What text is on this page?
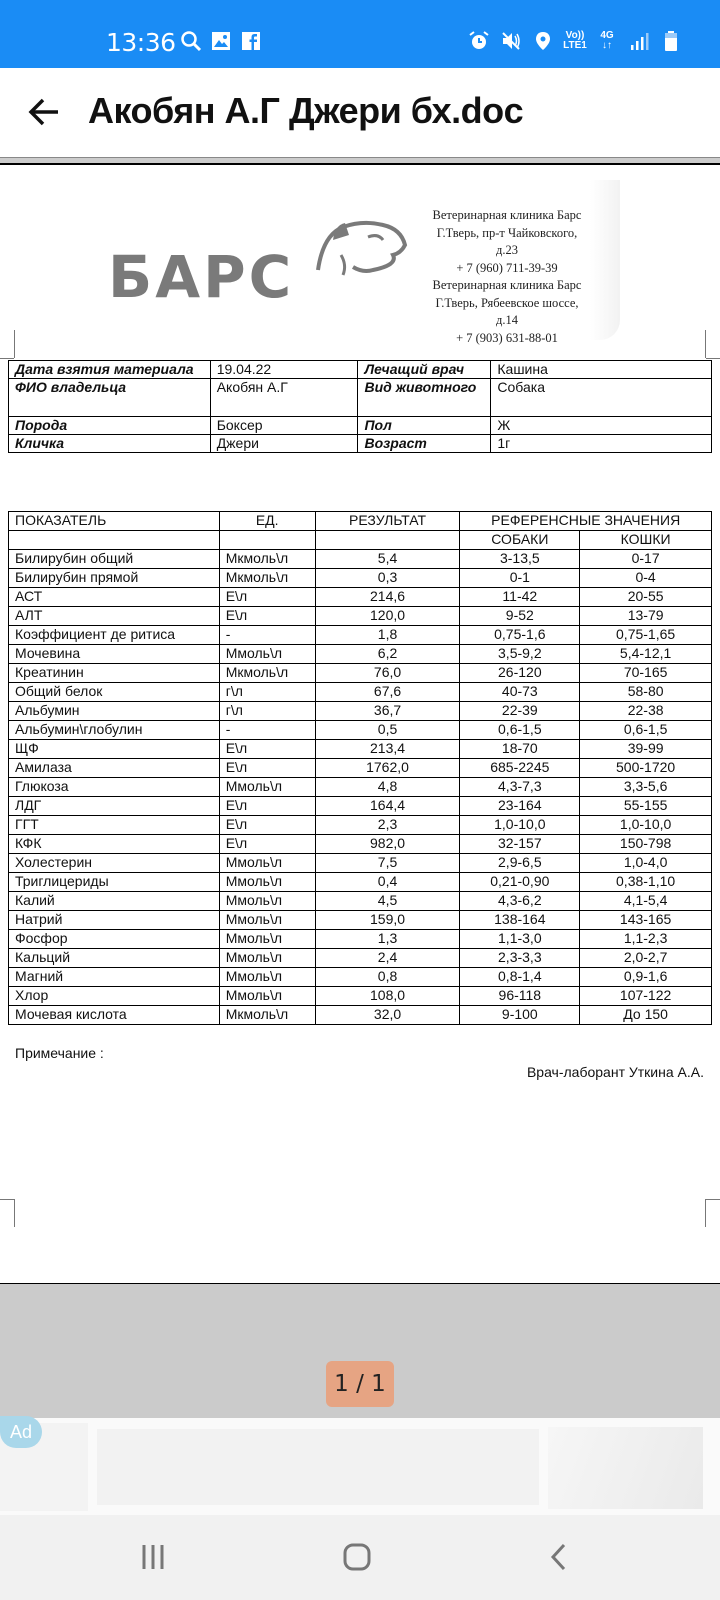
13:36	Vo))
LTE1
4G
↓↑
Акобян А.Г Джери бх.doc
БАРС
Ветеринарная клиника Барс
Г.Тверь, пр-т Чайковского,
д.23
+ 7 (960) 711-39-39
Ветеринарная клиника Барс
Г.Тверь, Рябеевское шоссе,
д.14
+ 7 (903) 631-88-01
Дата взятия материала	19.04.22	Лечащий врач	Кашина
ФИО владельца	Акобян А.Г	Вид животного	Собака
Порода	Боксер	Пол	Ж
Кличка	Джери	Возраст	1г
ПОКАЗАТЕЛЬ	ЕД.	РЕЗУЛЬТАТ	РЕФЕРЕНСНЫЕ ЗНАЧЕНИЯ	
			СОБАКИ	КОШКИ
Билирубин общий	Мкмоль\л	5,4	3-13,5	0-17
Билирубин прямой	Мкмоль\л	0,3	0-1	0-4
АСТ	Е\л	214,6	11-42	20-55
АЛТ	Е\л	120,0	9-52	13-79
Коэффициент де ритиса	-	1,8	0,75-1,6	0,75-1,65
Мочевина	Ммоль\л	6,2	3,5-9,2	5,4-12,1
Креатинин	Мкмоль\л	76,0	26-120	70-165
Общий белок	г\л	67,6	40-73	58-80
Альбумин	г\л	36,7	22-39	22-38
Альбумин\глобулин	-	0,5	0,6-1,5	0,6-1,5
ЩФ	Е\л	213,4	18-70	39-99
Амилаза	Е\л	1762,0	685-2245	500-1720
Глюкоза	Ммоль\л	4,8	4,3-7,3	3,3-5,6
ЛДГ	Е\л	164,4	23-164	55-155
ГГТ	Е\л	2,3	1,0-10,0	1,0-10,0
КФК	Е\л	982,0	32-157	150-798
Холестерин	Ммоль\л	7,5	2,9-6,5	1,0-4,0
Триглицериды	Ммоль\л	0,4	0,21-0,90	0,38-1,10
Калий	Ммоль\л	4,5	4,3-6,2	4,1-5,4
Натрий	Ммоль\л	159,0	138-164	143-165
Фосфор	Ммоль\л	1,3	1,1-3,0	1,1-2,3
Кальций	Ммоль\л	2,4	2,3-3,3	2,0-2,7
Магний	Ммоль\л	0,8	0,8-1,4	0,9-1,6
Хлор	Ммоль\л	108,0	96-118	107-122
Мочевая кислота	Мкмоль\л	32,0	9-100	До 150
Примечание :
Врач-лаборант Уткина А.А.
1 / 1
Ad
